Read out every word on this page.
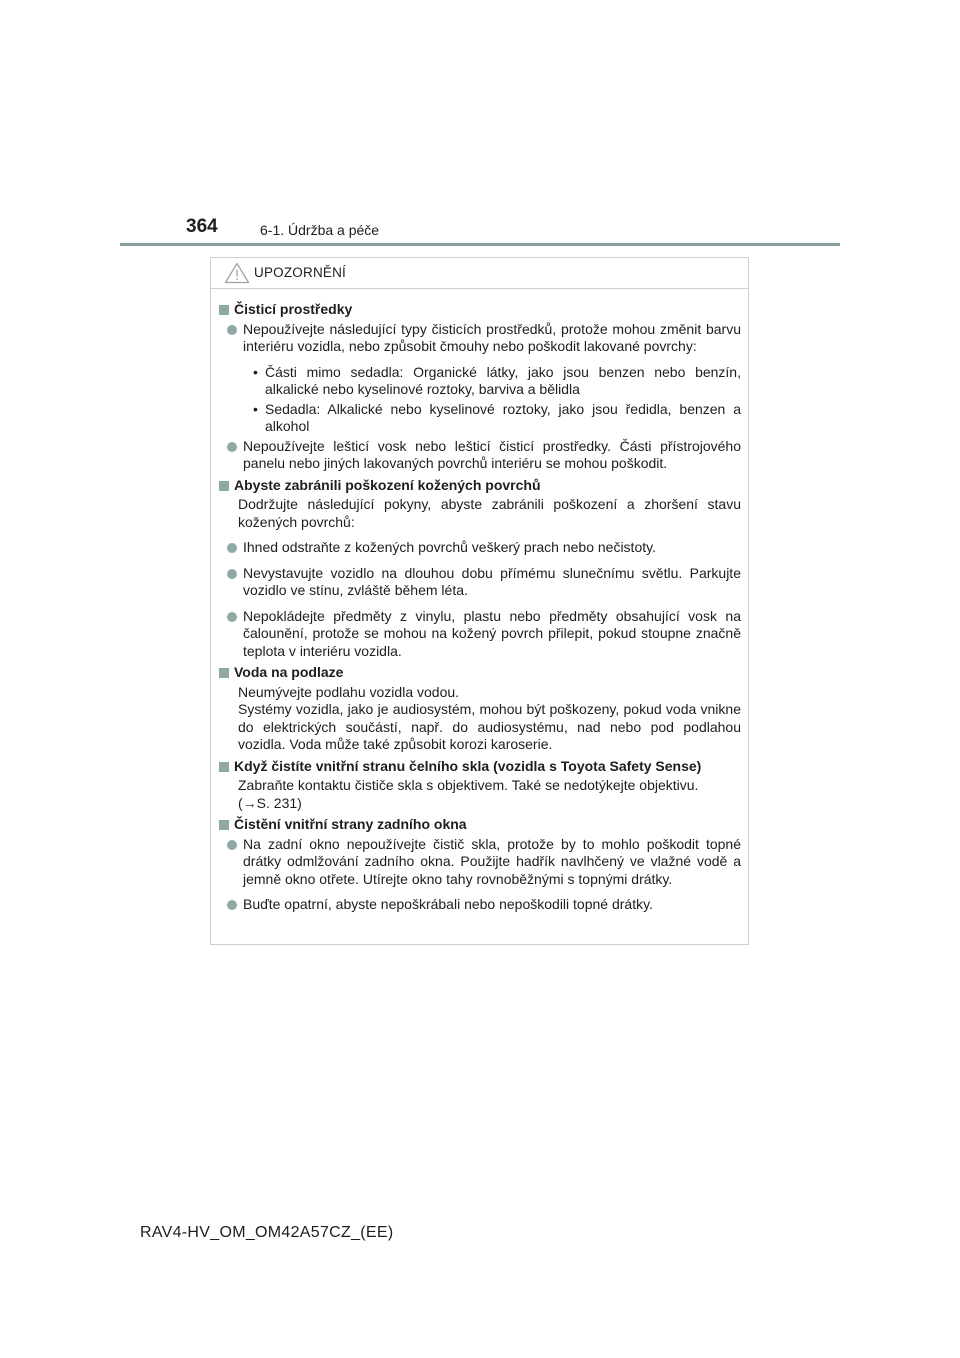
364	6-1. Údržba a péče
UPOZORNĚNÍ
Čisticí prostředky
Nepoužívejte následující typy čisticích prostředků, protože mohou změnit barvu interiéru vozidla, nebo způsobit čmouhy nebo poškodit lakované povrchy:
• Části mimo sedadla: Organické látky, jako jsou benzen nebo benzín, alkalické nebo kyselinové roztoky, barviva a bělidla
• Sedadla: Alkalické nebo kyselinové roztoky, jako jsou ředidla, benzen a alkohol
Nepoužívejte lešticí vosk nebo lešticí čisticí prostředky. Části přístrojového panelu nebo jiných lakovaných povrchů interiéru se mohou poškodit.
Abyste zabránili poškození kožených povrchů
Dodržujte následující pokyny, abyste zabránili poškození a zhoršení stavu kožených povrchů:
Ihned odstraňte z kožených povrchů veškerý prach nebo nečistoty.
Nevystavujte vozidlo na dlouhou dobu přímému slunečnímu světlu. Parkujte vozidlo ve stínu, zvláště během léta.
Nepokládejte předměty z vinylu, plastu nebo předměty obsahující vosk na čalounění, protože se mohou na kožený povrch přilepit, pokud stoupne značně teplota v interiéru vozidla.
Voda na podlaze
Neumývejte podlahu vozidla vodou.
Systémy vozidla, jako je audiosystém, mohou být poškozeny, pokud voda vnikne do elektrických součástí, např. do audiosystému, nad nebo pod podlahou vozidla. Voda může také způsobit korozi karoserie.
Když čistíte vnitřní stranu čelního skla (vozidla s Toyota Safety Sense)
Zabraňte kontaktu čističe skla s objektivem. Také se nedotýkejte objektivu.
(→S. 231)
Čistění vnitřní strany zadního okna
Na zadní okno nepoužívejte čistič skla, protože by to mohlo poškodit topné drátky odmlžování zadního okna. Použijte hadřík navlhčený ve vlažné vodě a jemně okno otřete. Utírejte okno tahy rovnoběžnými s topnými drátky.
Buďte opatrní, abyste nepoškrábali nebo nepoškodili topné drátky.
RAV4-HV_OM_OM42A57CZ_(EE)
